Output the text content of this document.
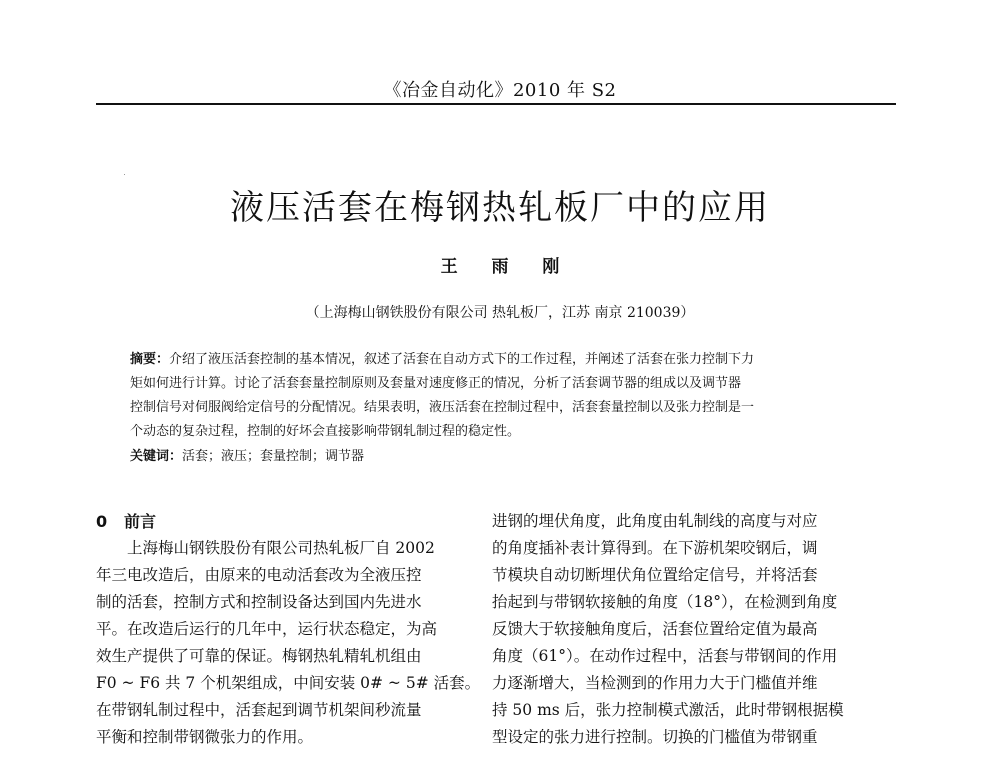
《冶金自动化》2010 年 S2
液压活套在梅钢热轧板厂中的应用
王 雨 刚
（上海梅山钢铁股份有限公司 热轧板厂，江苏 南京 210039）
摘要：介绍了液压活套控制的基本情况，叙述了活套在自动方式下的工作过程，并阐述了活套在张力控制下力
矩如何进行计算。讨论了活套套量控制原则及套量对速度修正的情况，分析了活套调节器的组成以及调节器
控制信号对伺服阀给定信号的分配情况。结果表明，液压活套在控制过程中，活套套量控制以及张力控制是一
个动态的复杂过程，控制的好坏会直接影响带钢轧制过程的稳定性。
关键词：活套；液压；套量控制；调节器
0 前言
　　上海梅山钢铁股份有限公司热轧板厂自 2002
年三电改造后，由原来的电动活套改为全液压控
制的活套，控制方式和控制设备达到国内先进水
平。在改造后运行的几年中，运行状态稳定，为高
效生产提供了可靠的保证。梅钢热轧精轧机组由
F0 ~ F6 共 7 个机架组成，中间安装 0# ~ 5# 活套。
在带钢轧制过程中，活套起到调节机架间秒流量
平衡和控制带钢微张力的作用。
进钢的埋伏角度，此角度由轧制线的高度与对应
的角度插补表计算得到。在下游机架咬钢后，调
节模块自动切断埋伏角位置给定信号，并将活套
抬起到与带钢软接触的角度（18°），在检测到角度
反馈大于软接触角度后，活套位置给定值为最高
角度（61°）。在动作过程中，活套与带钢间的作用
力逐渐增大，当检测到的作用力大于门槛值并维
持 50 ms 后，张力控制模式激活，此时带钢根据模
型设定的张力进行控制。切换的门槛值为带钢重
